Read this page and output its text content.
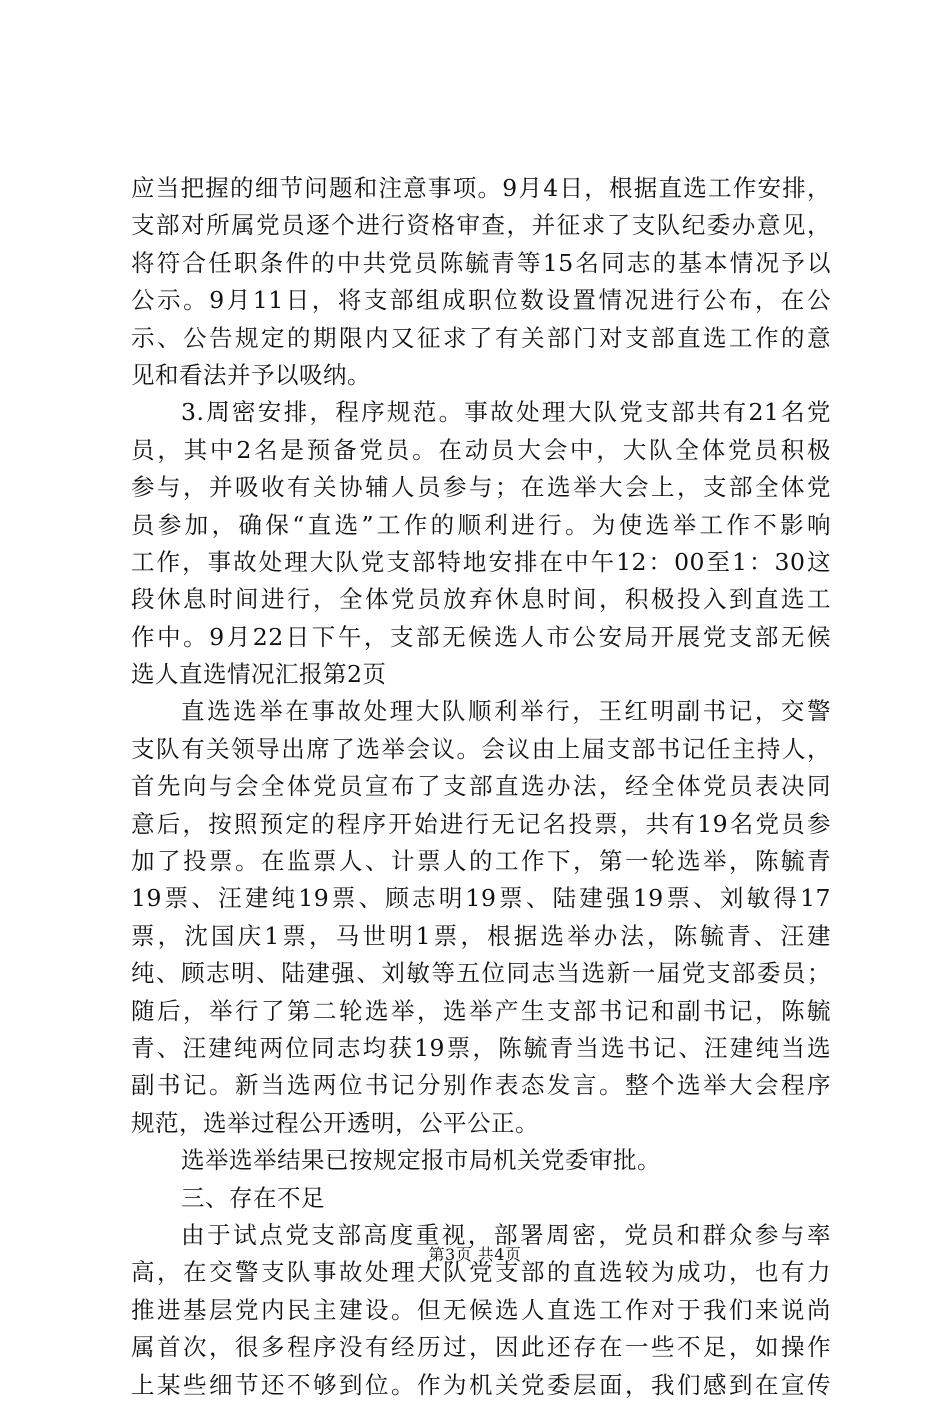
应当把握的细节问题和注意事项。9月4日，根据直选工作安排，
支部对所属党员逐个进行资格审查，并征求了支队纪委办意见，
将符合任职条件的中共党员陈毓青等15名同志的基本情况予以
公示。9月11日，将支部组成职位数设置情况进行公布，在公
示、公告规定的期限内又征求了有关部门对支部直选工作的意
见和看法并予以吸纳。
3.周密安排，程序规范。事故处理大队党支部共有21名党
员，其中2名是预备党员。在动员大会中，大队全体党员积极
参与，并吸收有关协辅人员参与；在选举大会上，支部全体党
员参加，确保“直选”工作的顺利进行。为使选举工作不影响
工作，事故处理大队党支部特地安排在中午12：00至1：30这
段休息时间进行，全体党员放弃休息时间，积极投入到直选工
作中。9月22日下午，支部无候选人市公安局开展党支部无候
选人直选情况汇报第2页
直选选举在事故处理大队顺利举行，王红明副书记，交警
支队有关领导出席了选举会议。会议由上届支部书记任主持人，
首先向与会全体党员宣布了支部直选办法，经全体党员表决同
意后，按照预定的程序开始进行无记名投票，共有19名党员参
加了投票。在监票人、计票人的工作下，第一轮选举，陈毓青
19票、汪建纯19票、顾志明19票、陆建强19票、刘敏得17
票，沈国庆1票，马世明1票，根据选举办法，陈毓青、汪建
纯、顾志明、陆建强、刘敏等五位同志当选新一届党支部委员；
随后，举行了第二轮选举，选举产生支部书记和副书记，陈毓
青、汪建纯两位同志均获19票，陈毓青当选书记、汪建纯当选
副书记。新当选两位书记分别作表态发言。整个选举大会程序
规范，选举过程公开透明，公平公正。
选举选举结果已按规定报市局机关党委审批。
三、存在不足
由于试点党支部高度重视，部署周密，党员和群众参与率
高，在交警支队事故处理大队党支部的直选较为成功，也有力
推进基层党内民主建设。但无候选人直选工作对于我们来说尚
属首次，很多程序没有经历过，因此还存在一些不足，如操作
上某些细节还不够到位。作为机关党委层面，我们感到在宣传
第3页 共4页
